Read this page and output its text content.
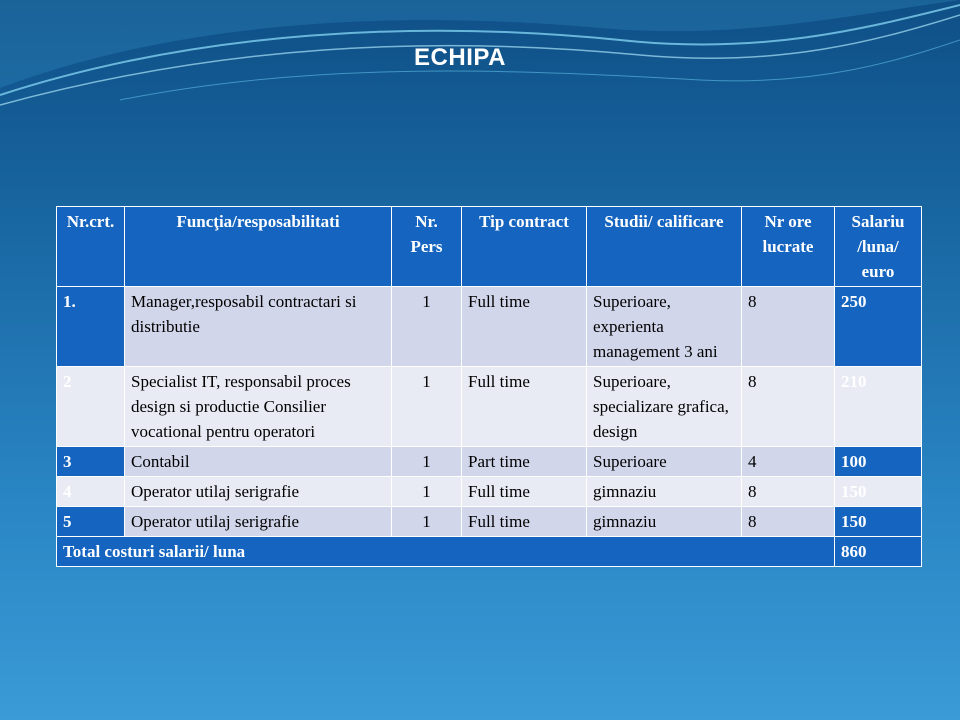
ECHIPA
Nr.crt.	Funcţia/resposabilitati	Nr. Pers	Tip contract	Studii/ calificare	Nr ore lucrate	Salariu /luna/ euro
1.	Manager,resposabil contractari si distributie	1	Full time	Superioare, experienta management 3 ani	8	250
2	Specialist IT, responsabil proces design si productie Consilier vocational pentru operatori	1	Full time	Superioare, specializare grafica, design	8	210
3	Contabil	1	Part time	Superioare	4	100
4	Operator utilaj serigrafie	1	Full time	gimnaziu	8	150
5	Operator utilaj serigrafie	1	Full time	gimnaziu	8	150
Total costuri salarii/ luna						860
